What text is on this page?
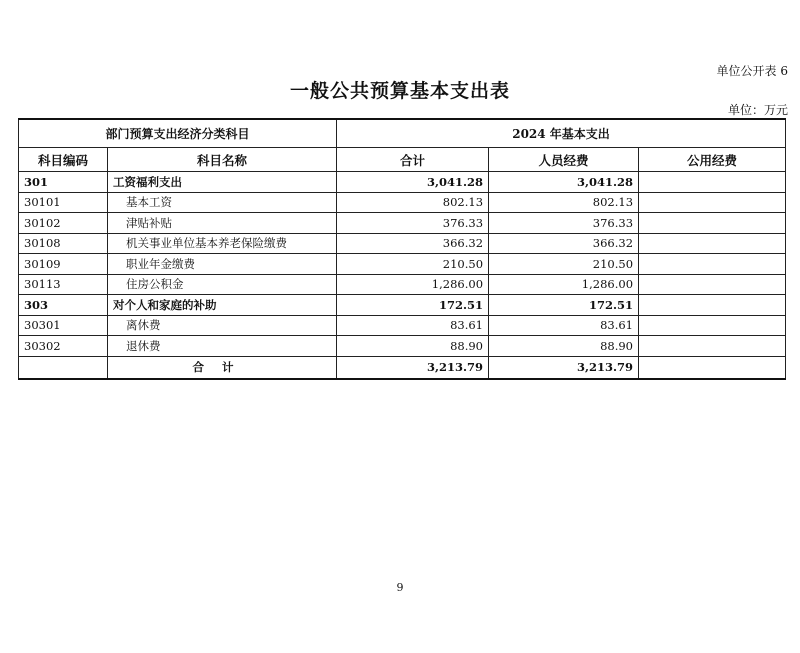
单位公开表 6
一般公共预算基本支出表
单位：万元
部门预算支出经济分类科目		2024 年基本支出		
科目编码	科目名称	合计	人员经费	公用经费
301	工资福利支出	3,041.28	3,041.28	
30101	基本工资	802.13	802.13	
30102	津贴补贴	376.33	376.33	
30108	机关事业单位基本养老保险缴费	366.32	366.32	
30109	职业年金缴费	210.50	210.50	
30113	住房公积金	1,286.00	1,286.00	
303	对个人和家庭的补助	172.51	172.51	
30301	离休费	83.61	83.61	
30302	退休费	88.90	88.90	
	合计	3,213.79	3,213.79	
9
